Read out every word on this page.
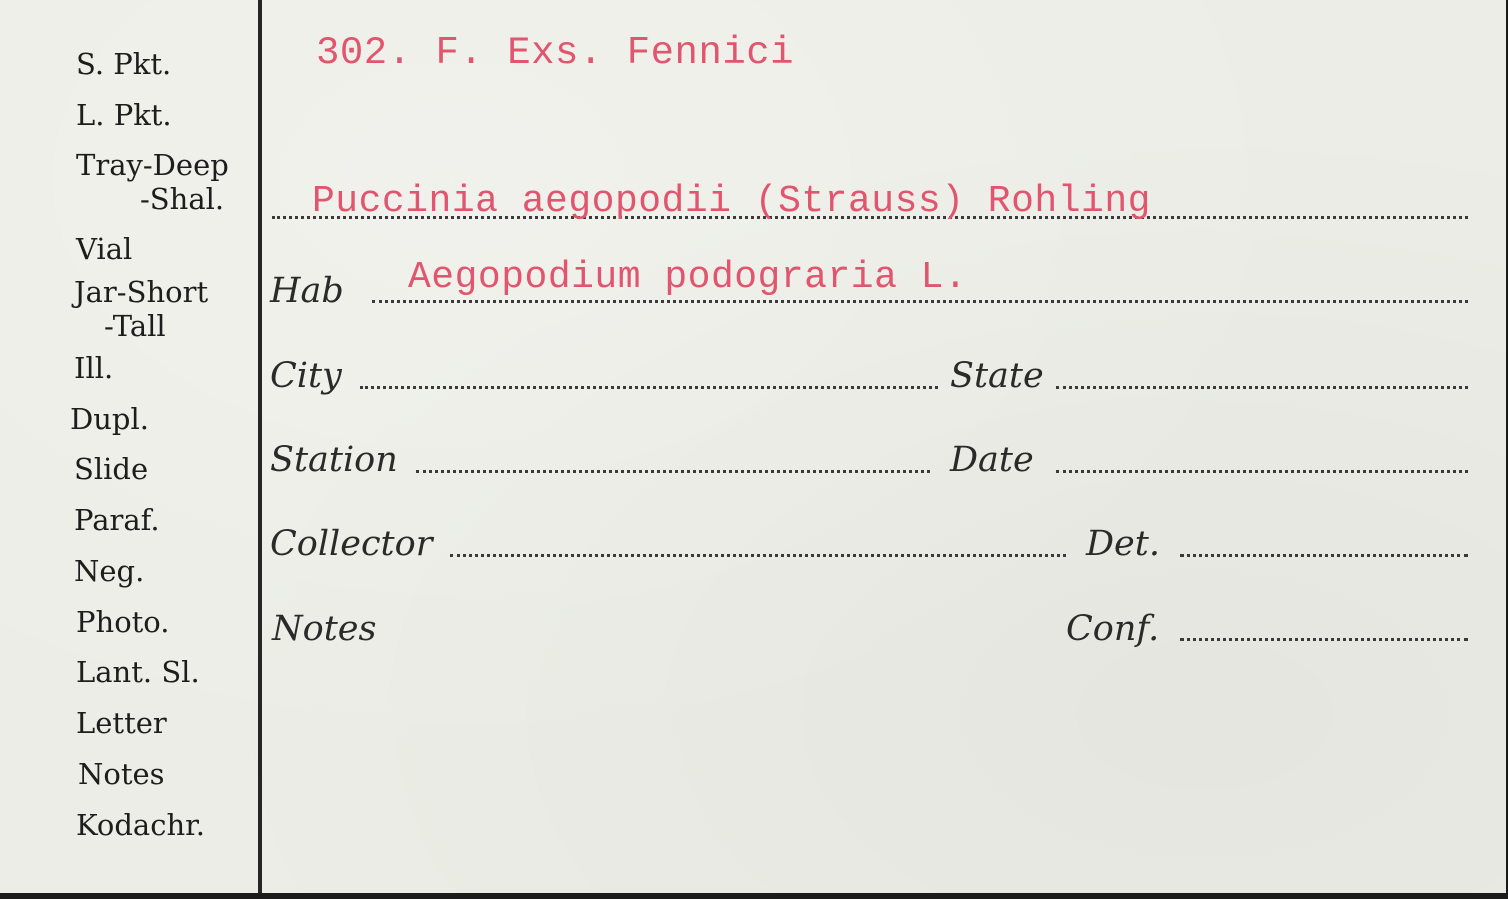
S. Pkt.
L. Pkt.
Tray-Deep
-Shal.
Vial
Jar-Short
-Tall
Ill.
Dupl.
Slide
Paraf.
Neg.
Photo.
Lant. Sl.
Letter
Notes
Kodachr.
302. F. Exs. Fennici
Puccinia aegopodii (Strauss) Rohling
Hab Aegopodium podograria L.
City	State
Station	Date
Collector	Det.
Notes	Conf.
